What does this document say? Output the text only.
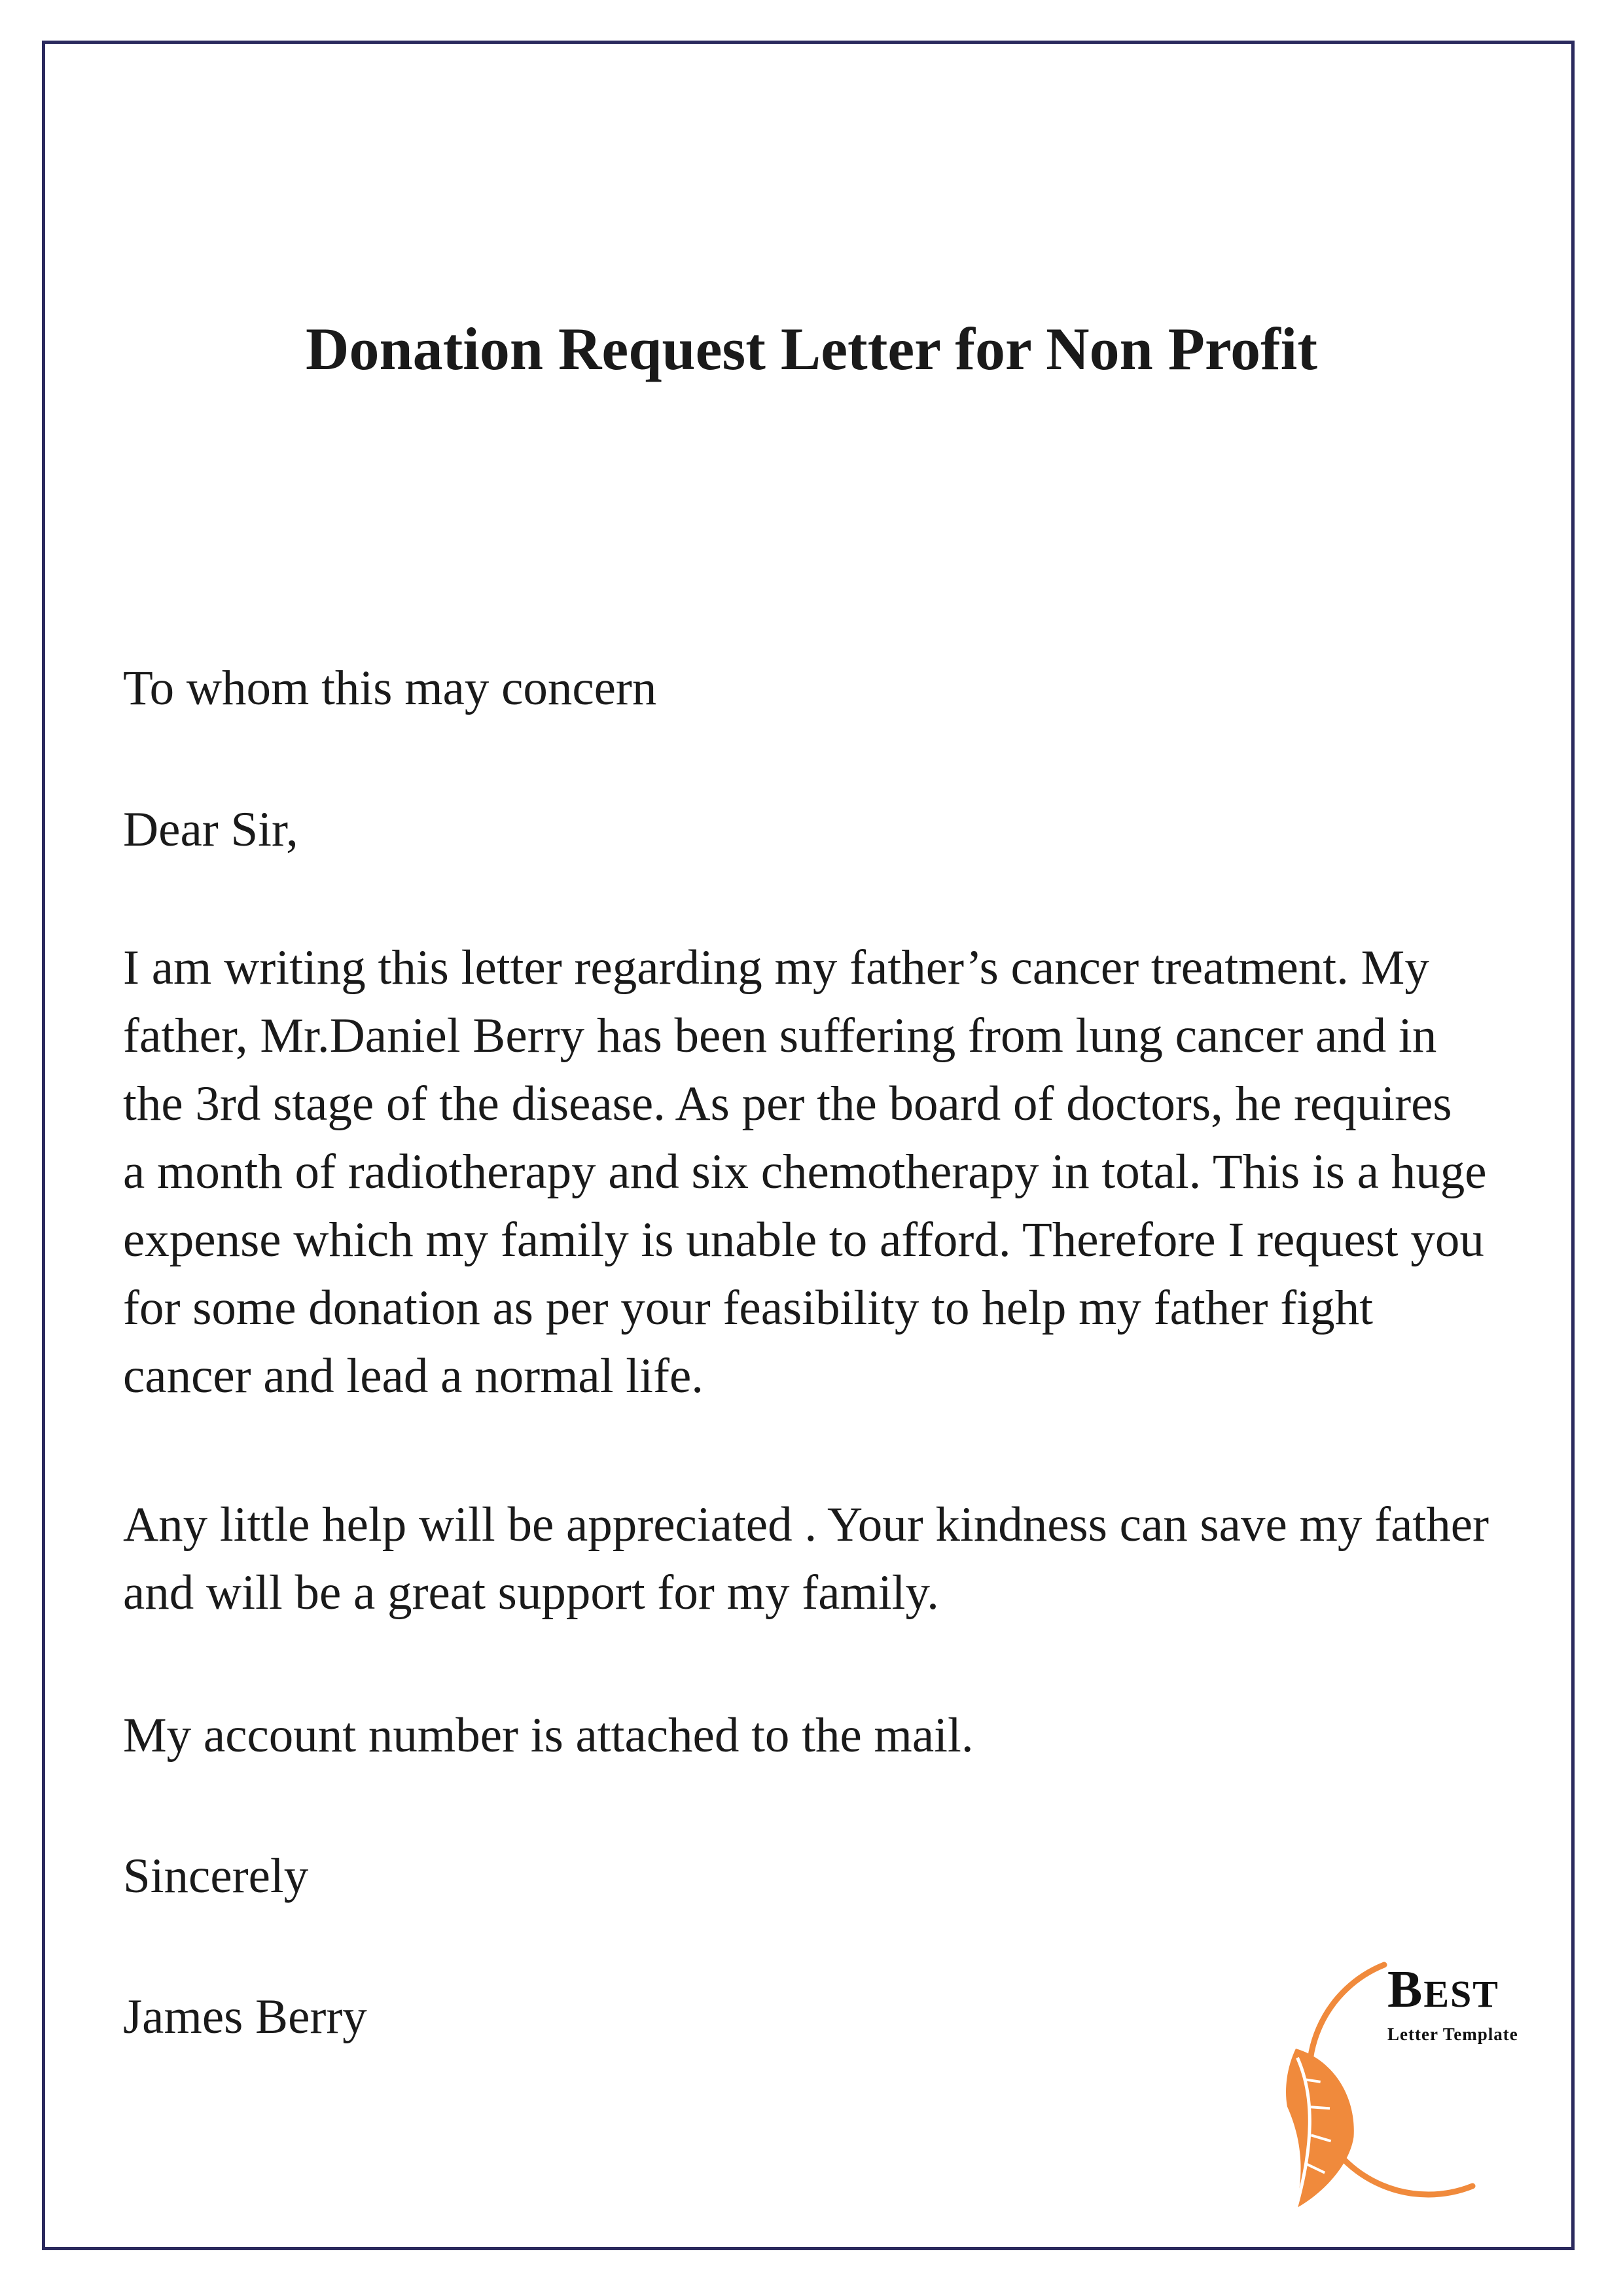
Donation Request Letter for Non Profit

To whom this may concern

Dear Sir,

I am writing this letter regarding my father’s cancer treatment. My
father, Mr.Daniel Berry has been suffering from lung cancer and in
the 3rd stage of the disease. As per the board of doctors, he requires
a month of radiotherapy and six chemotherapy in total. This is a huge
expense which my family is unable to afford. Therefore I request you
for some donation as per your feasibility to help my father fight
cancer and lead a normal life.
Any little help will be appreciated . Your kindness can save my father
and will be a great support for my family.

My account number is attached to the mail.

Sincerely

James Berry	BEST

Letter Template
